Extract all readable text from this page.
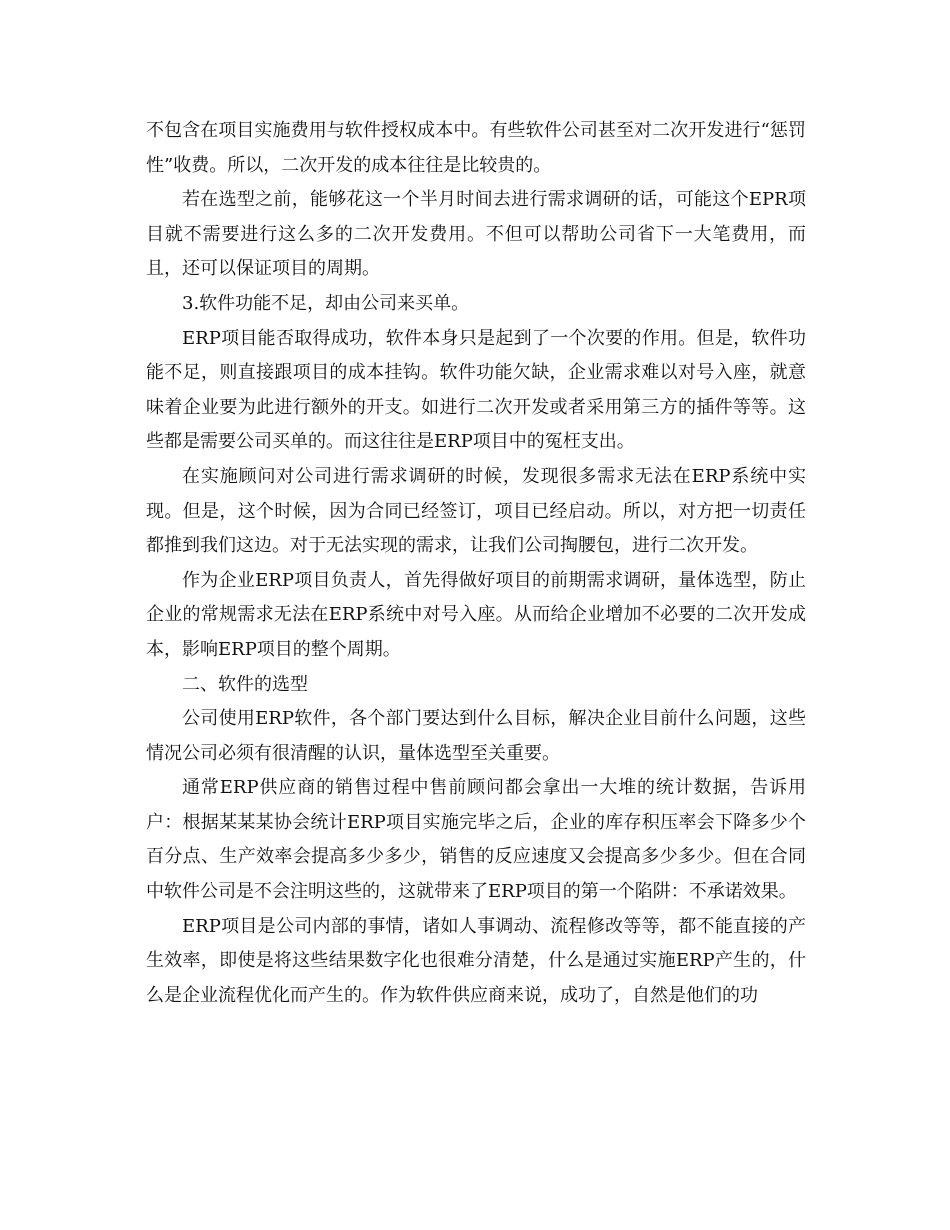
不包含在项目实施费用与软件授权成本中。有些软件公司甚至对二次开发进行“惩罚性”收费。所以，二次开发的成本往往是比较贵的。

若在选型之前，能够花这一个半月时间去进行需求调研的话，可能这个EPR项目就不需要进行这么多的二次开发费用。不但可以帮助公司省下一大笔费用，而且，还可以保证项目的周期。

3.软件功能不足，却由公司来买单。

ERP项目能否取得成功，软件本身只是起到了一个次要的作用。但是，软件功能不足，则直接跟项目的成本挂钩。软件功能欠缺，企业需求难以对号入座，就意味着企业要为此进行额外的开支。如进行二次开发或者采用第三方的插件等等。这些都是需要公司买单的。而这往往是ERP项目中的冤枉支出。

在实施顾问对公司进行需求调研的时候，发现很多需求无法在ERP系统中实现。但是，这个时候，因为合同已经签订，项目已经启动。所以，对方把一切责任都推到我们这边。对于无法实现的需求，让我们公司掏腰包，进行二次开发。

作为企业ERP项目负责人，首先得做好项目的前期需求调研，量体选型，防止企业的常规需求无法在ERP系统中对号入座。从而给企业增加不必要的二次开发成本，影响ERP项目的整个周期。

二、软件的选型

公司使用ERP软件，各个部门要达到什么目标，解决企业目前什么问题，这些情况公司必须有很清醒的认识，量体选型至关重要。

通常ERP供应商的销售过程中售前顾问都会拿出一大堆的统计数据，告诉用户：根据某某某协会统计ERP项目实施完毕之后，企业的库存积压率会下降多少个百分点、生产效率会提高多少多少，销售的反应速度又会提高多少多少。但在合同中软件公司是不会注明这些的，这就带来了ERP项目的第一个陷阱：不承诺效果。

ERP项目是公司内部的事情，诸如人事调动、流程修改等等，都不能直接的产生效率，即使是将这些结果数字化也很难分清楚，什么是通过实施ERP产生的，什么是企业流程优化而产生的。作为软件供应商来说，成功了，自然是他们的功
